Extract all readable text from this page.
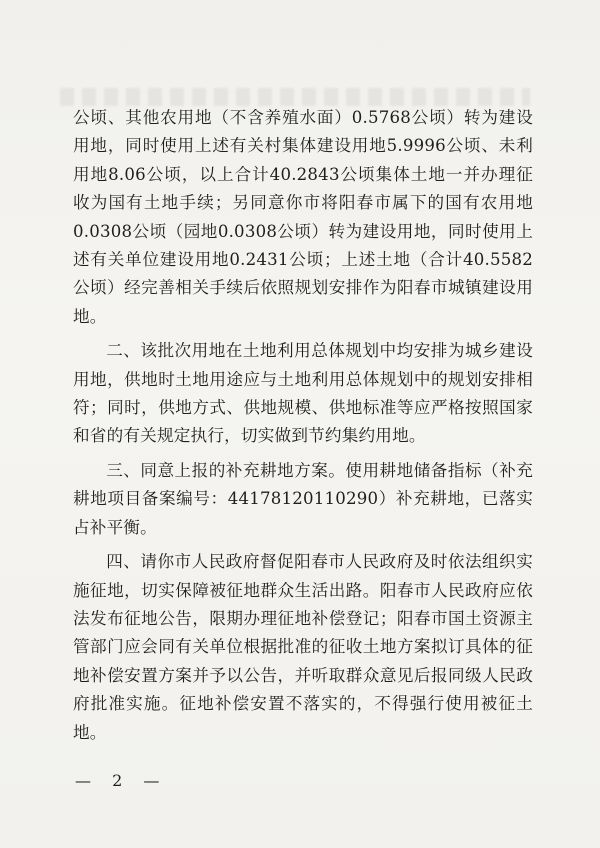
公顷、其他农用地（不含养殖水面）0.5768公顷）转为建设用地，同时使用上述有关村集体建设用地5.9996公顷、未利用地8.06公顷，以上合计40.2843公顷集体土地一并办理征收为国有土地手续；另同意你市将阳春市属下的国有农用地0.0308公顷（园地0.0308公顷）转为建设用地，同时使用上述有关单位建设用地0.2431公顷；上述土地（合计40.5582公顷）经完善相关手续后依照规划安排作为阳春市城镇建设用地。

二、该批次用地在土地利用总体规划中均安排为城乡建设用地，供地时土地用途应与土地利用总体规划中的规划安排相符；同时，供地方式、供地规模、供地标准等应严格按照国家和省的有关规定执行，切实做到节约集约用地。

三、同意上报的补充耕地方案。使用耕地储备指标（补充耕地项目备案编号：44178120110290）补充耕地，已落实占补平衡。

四、请你市人民政府督促阳春市人民政府及时依法组织实施征地，切实保障被征地群众生活出路。阳春市人民政府应依法发布征地公告，限期办理征地补偿登记；阳春市国土资源主管部门应会同有关单位根据批准的征收土地方案拟订具体的征地补偿安置方案并予以公告，并听取群众意见后报同级人民政府批准实施。征地补偿安置不落实的，不得强行使用被征土地。

— 2 —
